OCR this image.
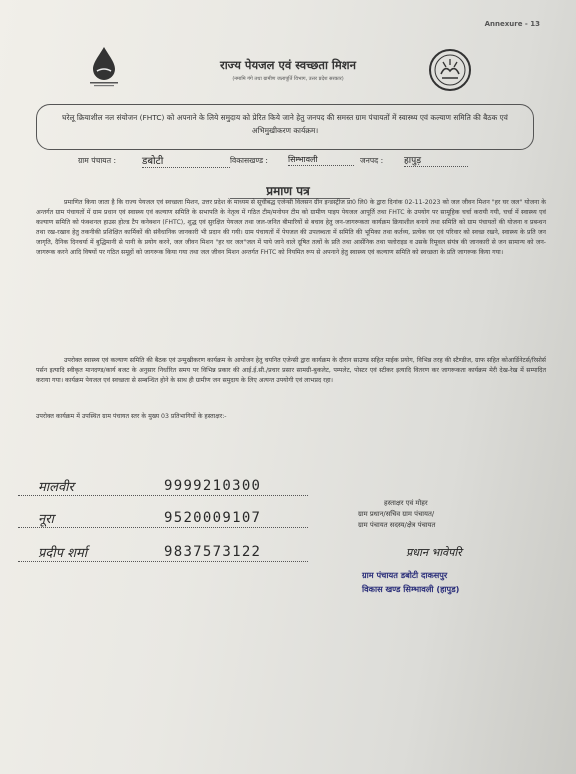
Annexure - 13
राज्य पेयजल एवं स्वच्छता मिशन
(नमामि गंगे तथा ग्रामीण जलापूर्ति विभाग, उत्तर प्रदेश सरकार)
घरेलू क्रियाशील नल संयोजन (FHTC) को अपनाने के लिये समुदाय को प्रेरित किये जाने हेतु जनपद की समस्त ग्राम पंचायतों में स्वास्थ्य एवं कल्याण समिति की बैठक एवं अभिमुखीकरण कार्यक्रम।
ग्राम पंचायत :	डबोटी	विकासखण्ड :	सिम्भावली	जनपद : हापुड़
प्रमाण पत्र
प्रमाणित किया जाता है कि राज्य पेयजल एवं स्वच्छता मिशन, उत्तर प्रदेश के माध्यम से सूचीबद्ध एजेन्सी विलसन ग्रीन इन्डस्ट्रीज प्रा0 लि0 के द्वारा दिनांक 02-11-2023 को जल जीवन मिशन "हर घर जल" योजना के अन्तर्गत ग्राम पंचायतों में ग्राम प्रधान एवं स्वास्थ्य एवं कल्याण समिति के सभापति के नेतृत्व में गठित टीम/मनोयन टीम को ग्रामीण पाइप पेयजल आपूर्ति तथा FHTC के उपयोग पर सामूहिक चर्चा करायी गयी, चर्चा में स्वास्थ्य एवं कल्याण समिति को फंक्शनल हाउस होल्ड टैप कनेक्शन (FHTC), शुद्ध एवं सुरक्षित पेयजल तथा जल-जनित बीमारियों से बचाव हेतु जन-जागरूकता कार्यक्रम क्रियाशील बनाये तथा समिति को ग्राम पंचायतों की योजना व प्रबन्धन तथा रख-रखाव हेतु तकनीकी प्रशिक्षित कार्मिकों की संवैधानिक जानकारी भी प्रदान की गयी। ग्राम पंचायतों में पेयजल की उपलब्धता में समिति की भूमिका तथा कर्तव्य, प्रत्येक घर एवं परिवार को स्वच्छ रखने, स्वास्थ्य के प्रति जन जागृति, दैनिक दिनचर्या में बुद्धिमानी से पानी के प्रयोग करने, जल जीवन मिशन "हर घर जल"जल में पाये जाने वाले दूषित तत्वों के प्रति तथा आर्सेनिक तथा फ्लोराइड व उसके रिमूवल संयंत्र की जानकारी से जन सामान्य को जन-जागरूक करने आदि विषयों पर गठित समूहों को जागरूक किया गया तथा जल जीवन मिशन अन्तर्गत FHTC को नियमित रूप से अपनाने हेतु स्वास्थ्य एवं कल्याण समिति को स्वच्छता के प्रति जागरूक किया गया।
उपरोक्त स्वास्थ्य एवं कल्याण समिति की बैठक एवं उन्मुखीकरण कार्यक्रम के आयोजन हेतु चयनित एजेन्सी द्वारा कार्यक्रम के दौरान साउण्ड सहित माईक प्रयोग, विभिन्न तरह की स्टैण्डीज, ग्राफ सहित कोआर्डिनेटर्स/रिसोर्स पर्सन इत्यादि स्वीकृत मानदण्ड/कार्य बजट के अनुसार निर्धारित समय पर विभिन्न प्रकार की आई.ई.सी./प्रचार प्रसार सामग्री-बुकलेट, पम्पलेट, पोस्टर एवं स्टीकर इत्यादि वितरण कर जागरूकता कार्यक्रम मेरी देख-रेख में सम्पादित कराया गया। कार्यक्रम पेयजल एवं स्वच्छता से सम्बन्धित होने के साथ ही ग्रामीण जन समुदाय के लिए अत्यन्त उपयोगी एवं लाभप्रद रहा।
उपरोक्त कार्यक्रम में उपस्थित ग्राम पंचायत स्तर के मुख्य 03 प्रतिभागियों के हस्ताक्षर:-
मालवीर	9999210300
नूरा	9520009107
प्रदीप शर्मा	9837573122
हस्ताक्षर एवं मोहर
ग्राम प्रधान/सचिव ग्राम पंचायत/
ग्राम पंचायत सदस्य/क्षेत्र पंचायत
प्रधान भावेपरि
ग्राम पंचायत डबोटी दाकसपुर
विकास खण्ड सिम्भावली (हापुड)
